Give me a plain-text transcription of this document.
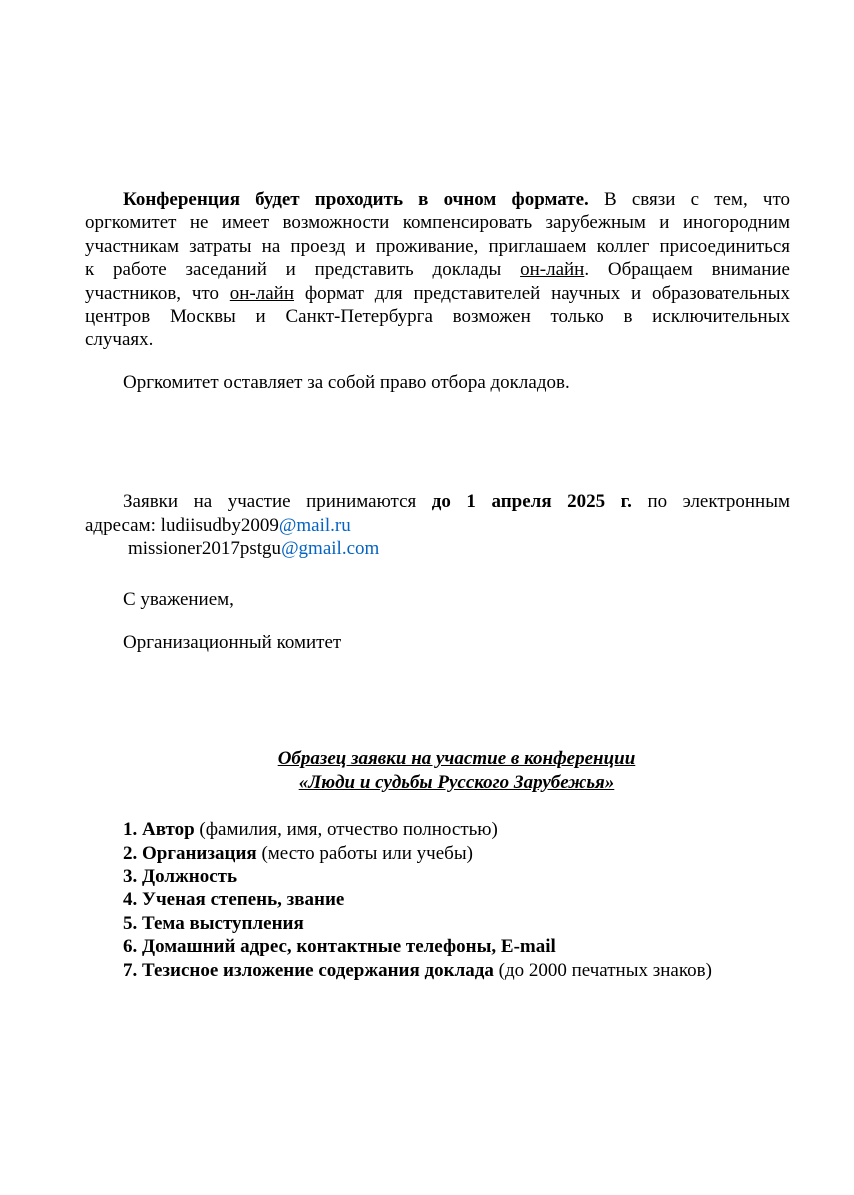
Конференция будет проходить в очном формате. В связи с тем, что
оргкомитет не имеет возможности компенсировать зарубежным и иногородним
участникам затраты на проезд и проживание, приглашаем коллег присоединиться
к работе заседаний и представить доклады он-лайн. Обращаем внимание
участников, что он-лайн формат для представителей научных и образовательных
центров Москвы и Санкт-Петербурга возможен только в исключительных
случаях.
Оргкомитет оставляет за собой право отбора докладов.
Заявки на участие принимаются до 1 апреля 2025 г. по электронным
адресам: ludiisudby2009@mail.ru
missioner2017pstgu@gmail.com
С уважением,
Организационный комитет
Образец заявки на участие в конференции
«Люди и судьбы Русского Зарубежья»
1. Автор (фамилия, имя, отчество полностью)
2. Организация (место работы или учебы)
3. Должность
4. Ученая степень, звание
5. Тема выступления
6. Домашний адрес, контактные телефоны, E-mail
7. Тезисное изложение содержания доклада (до 2000 печатных знаков)
